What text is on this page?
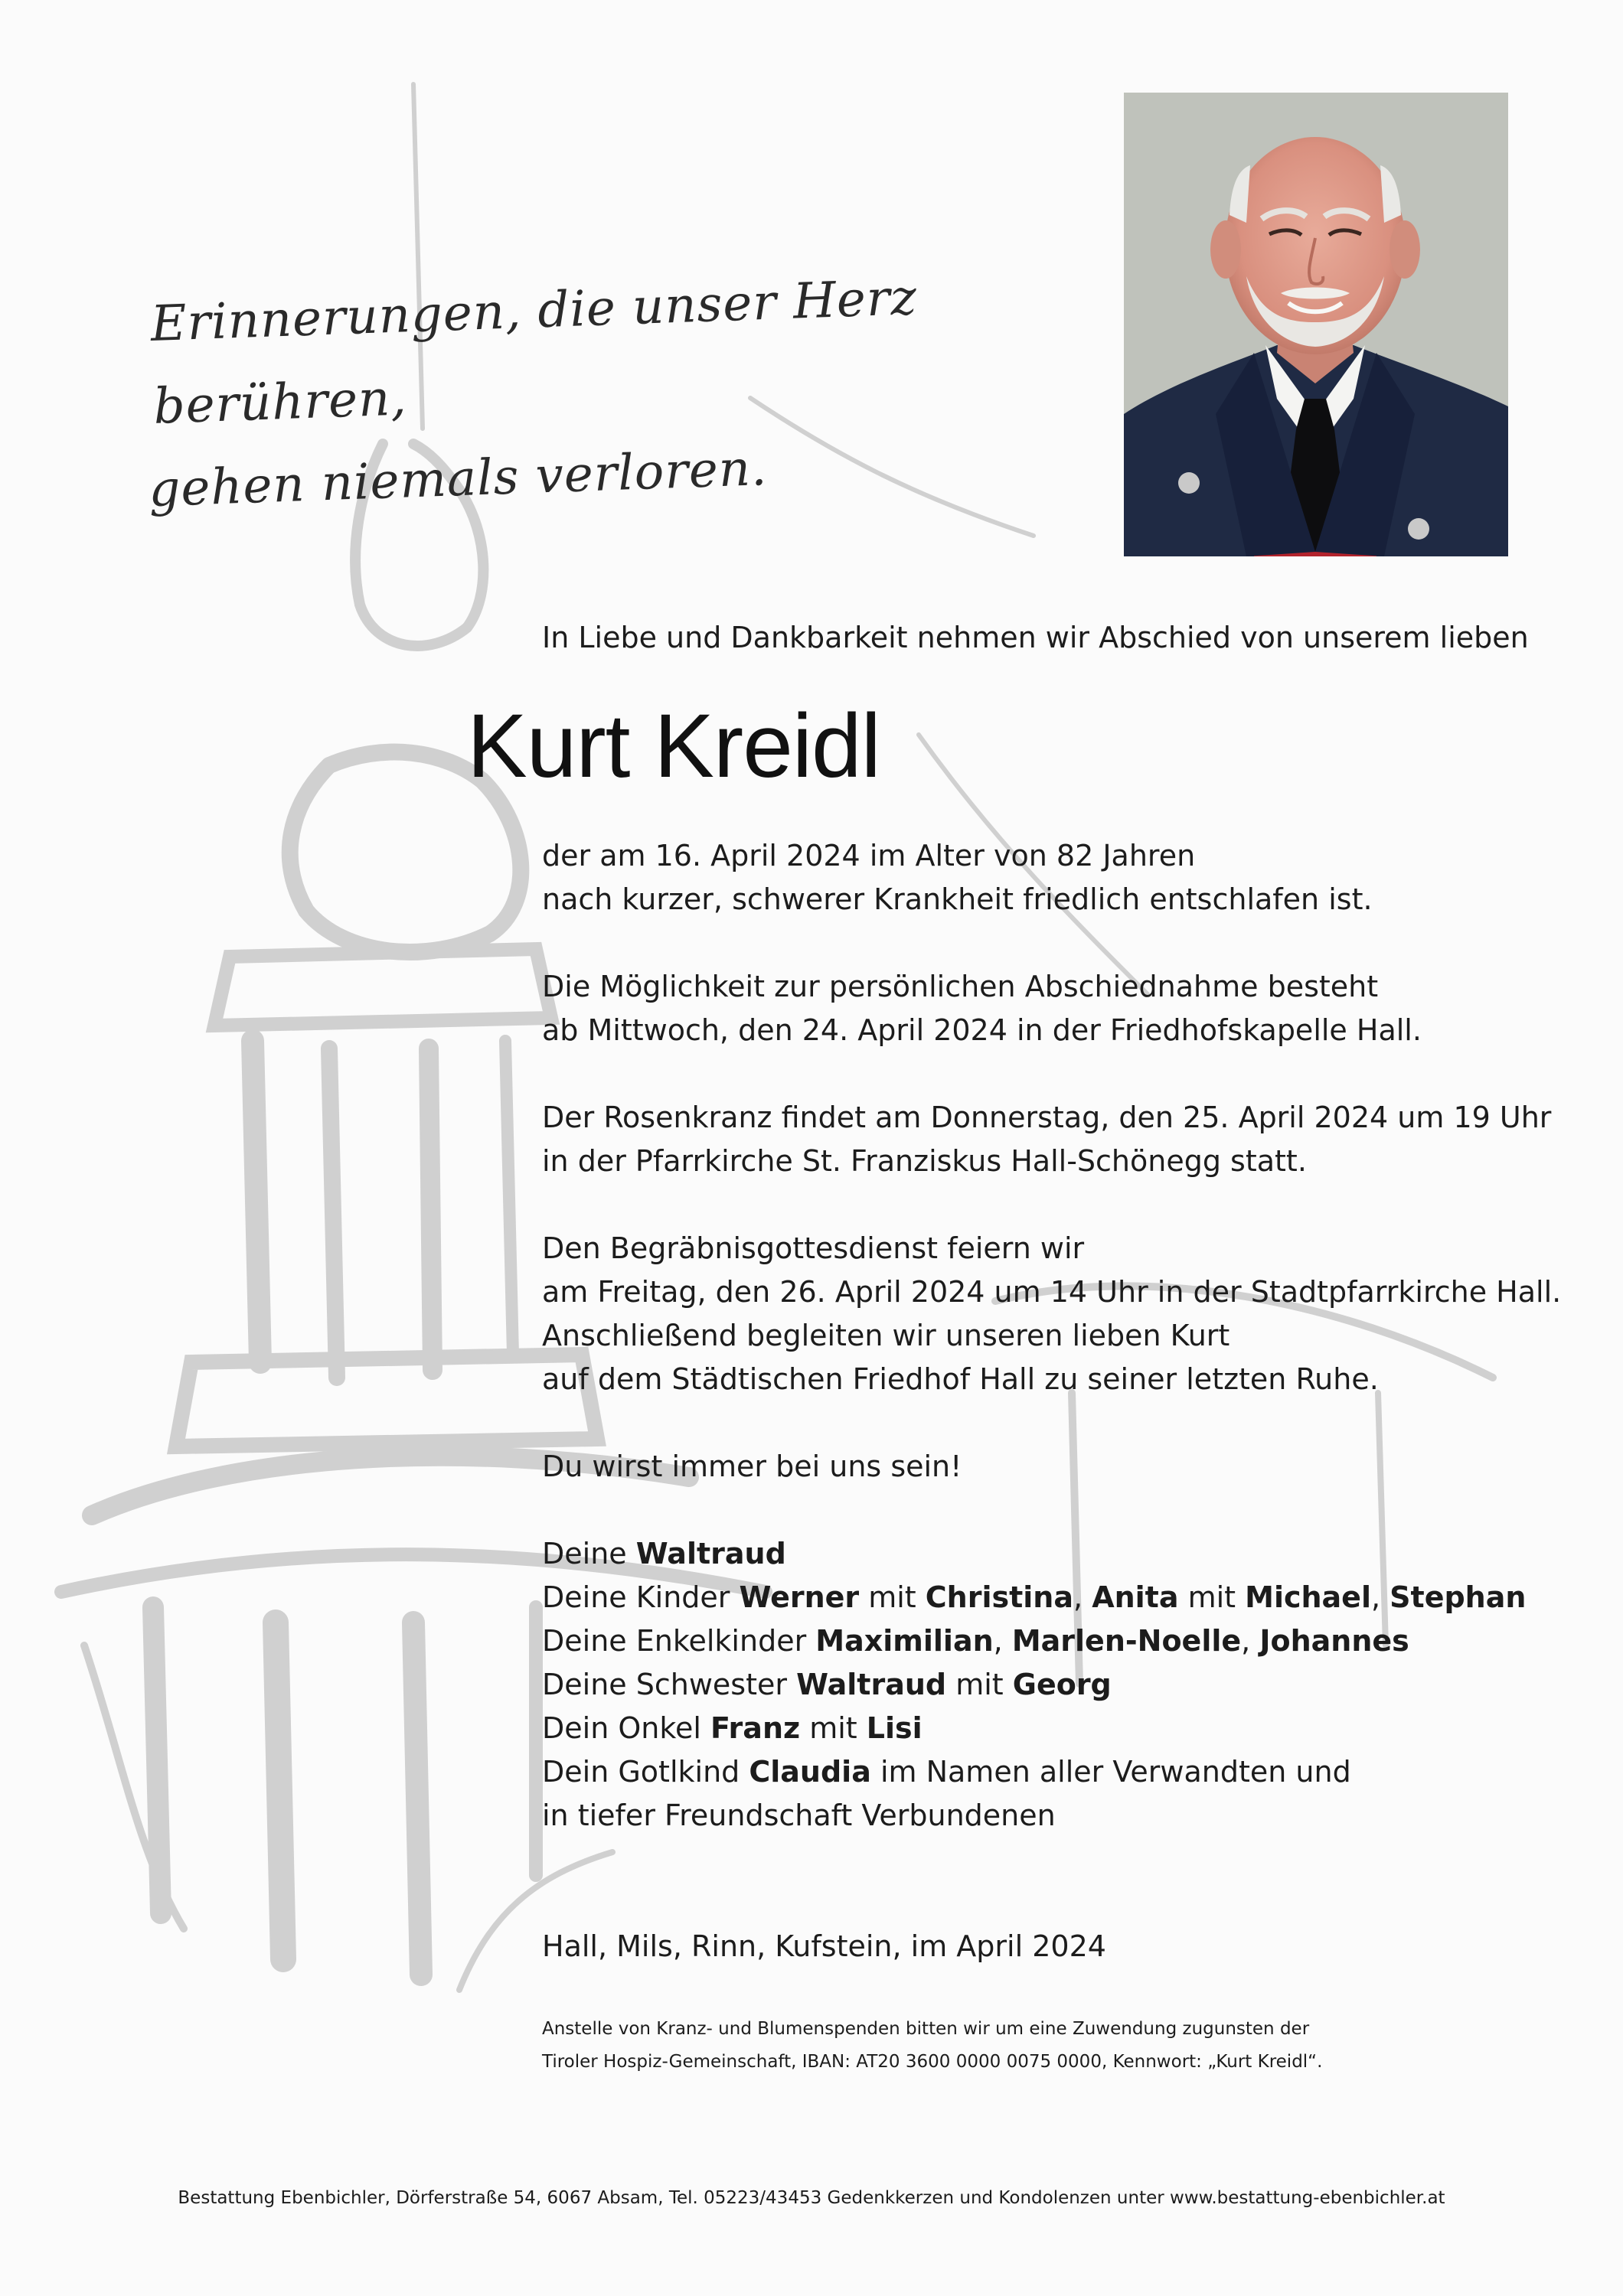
Erinnerungen, die unser Herz berühren,
gehen niemals verloren.
In Liebe und Dankbarkeit nehmen wir Abschied von unserem lieben
Kurt Kreidl

der am 16. April 2024 im Alter von 82 Jahren
nach kurzer, schwerer Krankheit friedlich entschlafen ist.

Die Möglichkeit zur persönlichen Abschiednahme besteht
ab Mittwoch, den 24. April 2024 in der Friedhofskapelle Hall.

Der Rosenkranz findet am Donnerstag, den 25. April 2024 um 19 Uhr
in der Pfarrkirche St. Franziskus Hall-Schönegg statt.

Den Begräbnisgottesdienst feiern wir
am Freitag, den 26. April 2024 um 14 Uhr in der Stadtpfarrkirche Hall.
Anschließend begleiten wir unseren lieben Kurt
auf dem Städtischen Friedhof Hall zu seiner letzten Ruhe.

Du wirst immer bei uns sein!

Deine Waltraud
Deine Kinder Werner mit Christina, Anita mit Michael, Stephan
Deine Enkelkinder Maximilian, Marlen-Noelle, Johannes
Deine Schwester Waltraud mit Georg
Dein Onkel Franz mit Lisi
Dein Gotlkind Claudia im Namen aller Verwandten und
in tiefer Freundschaft Verbundenen
Hall, Mils, Rinn, Kufstein, im April 2024
Anstelle von Kranz- und Blumenspenden bitten wir um eine Zuwendung zugunsten der
Tiroler Hospiz-Gemeinschaft, IBAN: AT20 3600 0000 0075 0000, Kennwort: „Kurt Kreidl“.
Bestattung Ebenbichler, Dörferstraße 54, 6067 Absam, Tel. 05223/43453 Gedenkkerzen und Kondolenzen unter www.bestattung-ebenbichler.at
